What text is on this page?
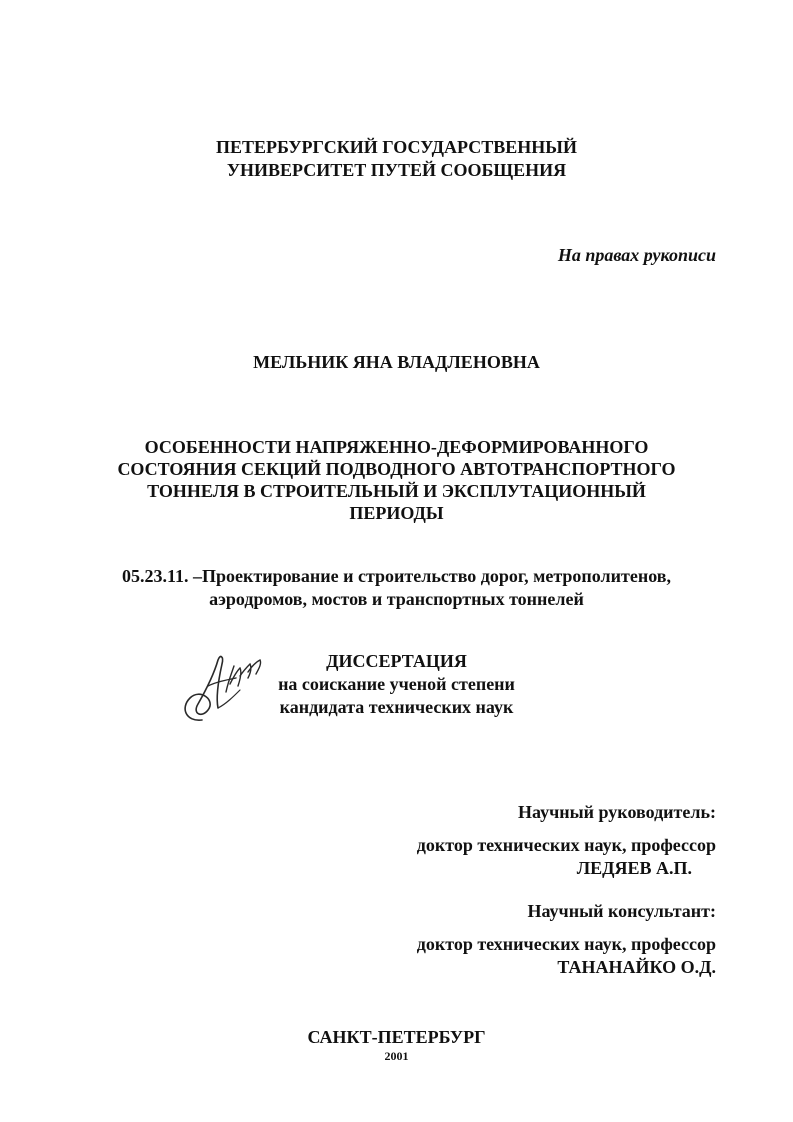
ПЕТЕРБУРГСКИЙ ГОСУДАРСТВЕННЫЙ
УНИВЕРСИТЕТ ПУТЕЙ СООБЩЕНИЯ
На правах рукописи
МЕЛЬНИК ЯНА ВЛАДЛЕНОВНА
ОСОБЕННОСТИ НАПРЯЖЕННО-ДЕФОРМИРОВАННОГО
СОСТОЯНИЯ СЕКЦИЙ ПОДВОДНОГО АВТОТРАНСПОРТНОГО
ТОННЕЛЯ В СТРОИТЕЛЬНЫЙ И ЭКСПЛУТАЦИОННЫЙ
ПЕРИОДЫ
05.23.11. –Проектирование и строительство дорог, метрополитенов,
аэродромов, мостов и транспортных тоннелей
ДИССЕРТАЦИЯ
на соискание ученой степени
кандидата технических наук
Научный руководитель:
доктор технических наук, профессор
ЛЕДЯЕВ А.П.
Научный консультант:
доктор технических наук, профессор
ТАНАНАЙКО О.Д.
САНКТ-ПЕТЕРБУРГ
2001
